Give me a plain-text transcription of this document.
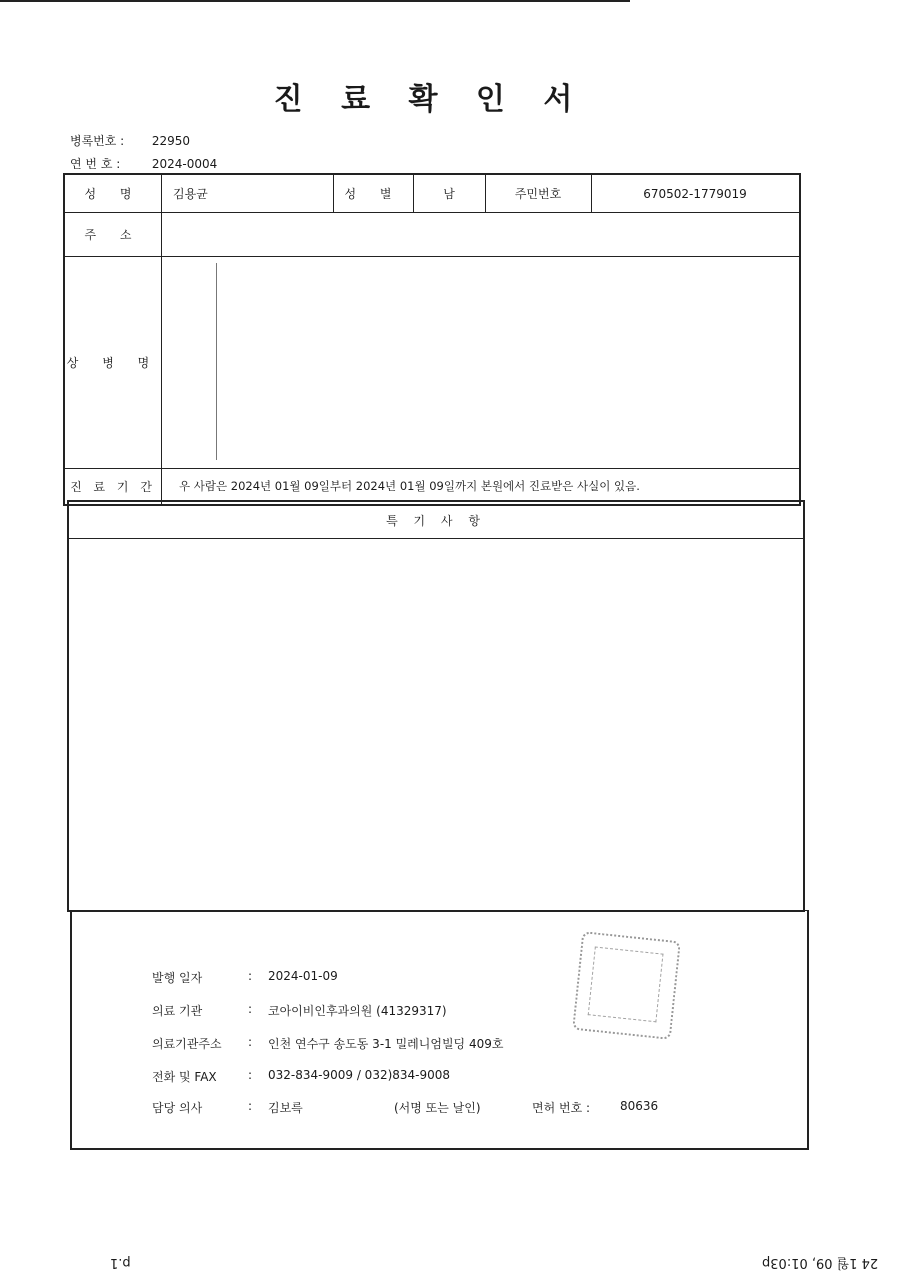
진 료 확 인 서
병록번호 : 22950
연 번 호 :	2024-0004
성 명	김용균	성 별	남	주민번호	670502-1779019
주 소
상 병 명
진 료 기 간	우 사람은 2024년 01월 09일부터 2024년 01월 09일까지 본원에서 진료받은 사실이 있음.
특 기 사 항
발행 일자	:	2024-01-09
의료 기관	:	코아이비인후과의원 (41329317)
의료기관주소	:	인천 연수구 송도동 3-1 밀레니엄빌딩 409호
전화 및 FAX	:	032-834-9009 / 032)834-9008
담당 의사	:	김보륵	(서명 또는 날인)	면허 번호 :	80636
p.1	24 1월 09, 01:03p
